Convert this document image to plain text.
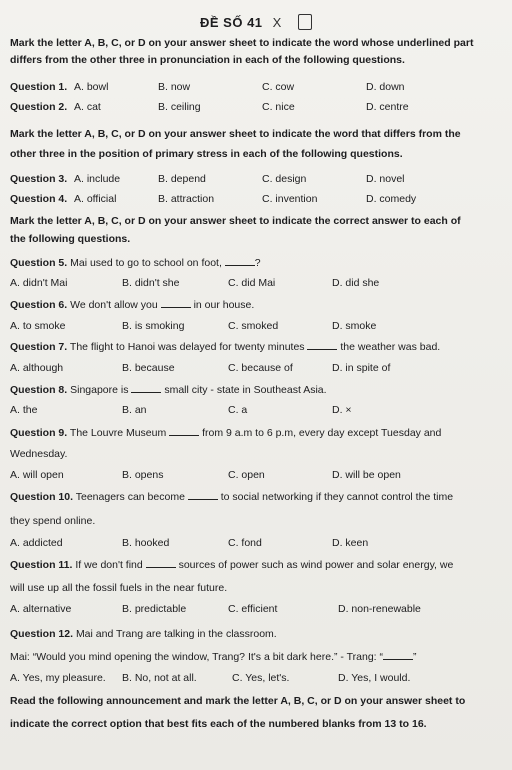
ĐỀ SỐ 41 X
Mark the letter A, B, C, or D on your answer sheet to indicate the word whose underlined part
differs from the other three in pronunciation in each of the following questions.
Question 1. A. bowl	B. now	C. cow	D. down
Question 2. A. cat	B. ceiling	C. nice	D. centre
Mark the letter A, B, C, or D on your answer sheet to indicate the word that differs from the
other three in the position of primary stress in each of the following questions.
Question 3. A. include	B. depend	C. design	D. novel
Question 4. A. official	B. attraction	C. invention	D. comedy
Mark the letter A, B, C, or D on your answer sheet to indicate the correct answer to each of
the following questions.
Question 5. Mai used to go to school on foot,	?
A. didn't Mai	B. didn't she	C. did Mai	D. did she
Question 6. We don't allow you	in our house.
A. to smoke	B. is smoking	C. smoked	D. smoke
Question 7. The flight to Hanoi was delayed for twenty minutes	the weather was bad.
A. although	B. because	C. because of	D. in spite of
Question 8. Singapore is	small city - state in Southeast Asia.
A. the	B. an	C. a	D. ×
Question 9. The Louvre Museum	from 9 a.m to 6 p.m, every day except Tuesday and
Wednesday.
A. will open	B. opens	C. open	D. will be open
Question 10. Teenagers can become	to social networking if they cannot control the time
they spend online.
A. addicted	B. hooked	C. fond	D. keen
Question 11. If we don't find	sources of power such as wind power and solar energy, we
will use up all the fossil fuels in the near future.
A. alternative	B. predictable	C. efficient	D. non-renewable
Question 12. Mai and Trang are talking in the classroom.
Mai: “Would you mind opening the window, Trang? It's a bit dark here.” - Trang: “	”
A. Yes, my pleasure. B. No, not at all.	C. Yes, let's.	D. Yes, I would.
Read the following announcement and mark the letter A, B, C, or D on your answer sheet to
indicate the correct option that best fits each of the numbered blanks from 13 to 16.
